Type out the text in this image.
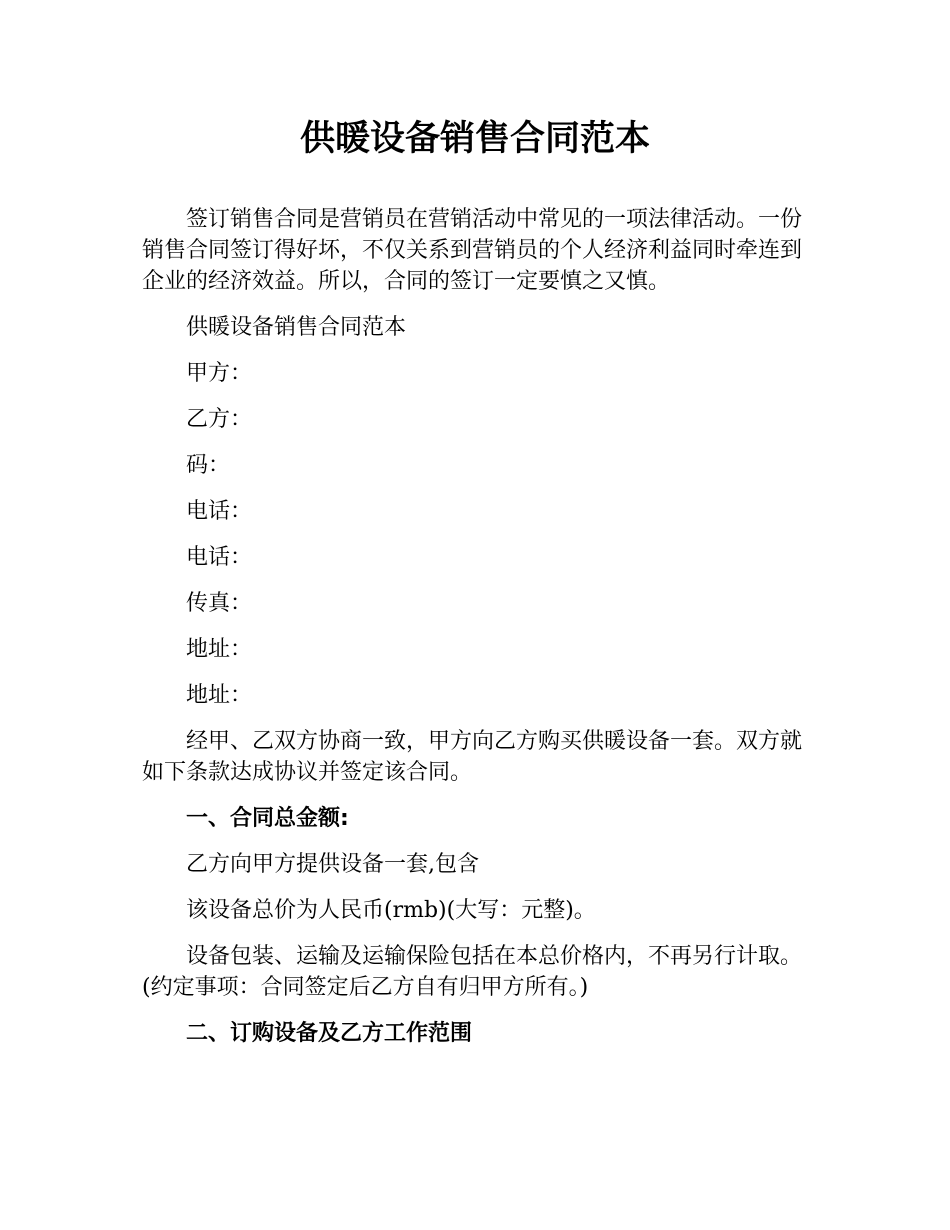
供暖设备销售合同范本

签订销售合同是营销员在营销活动中常见的一项法律活动。一份销售合同签订得好坏，不仅关系到营销员的个人经济利益同时牵连到企业的经济效益。所以，合同的签订一定要慎之又慎。

供暖设备销售合同范本

甲方：

乙方：

码：

电话：

电话：

传真：

地址：

地址：

经甲、乙双方协商一致，甲方向乙方购买供暖设备一套。双方就如下条款达成协议并签定该合同。

一、合同总金额:

乙方向甲方提供设备一套,包含

该设备总价为人民币(rmb)(大写：元整)。

设备包装、运输及运输保险包括在本总价格内，不再另行计取。(约定事项：合同签定后乙方自有归甲方所有。)

二、订购设备及乙方工作范围
